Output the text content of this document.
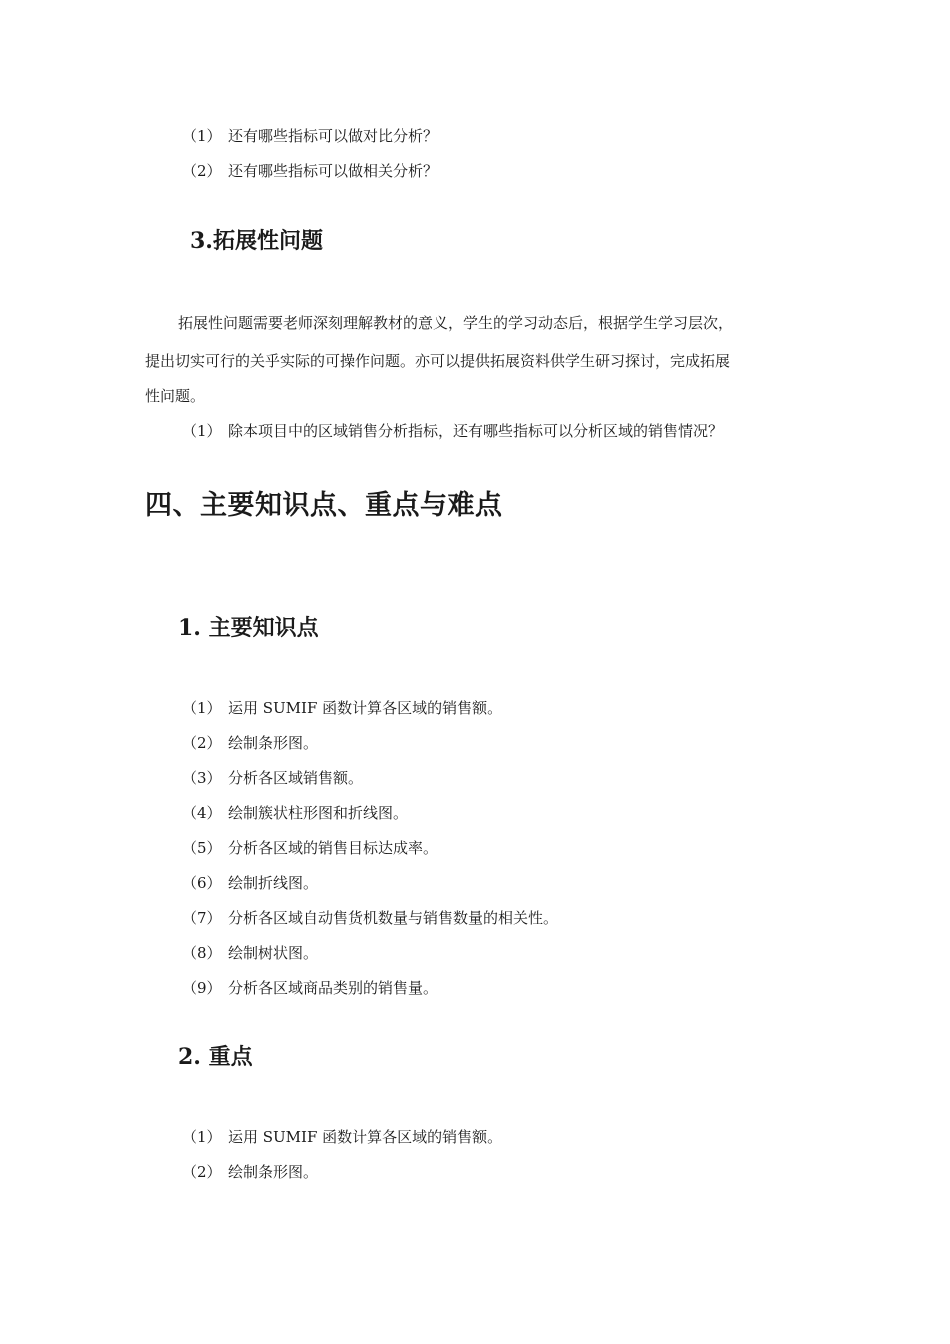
（1） 还有哪些指标可以做对比分析？
（2） 还有哪些指标可以做相关分析？
3.拓展性问题
拓展性问题需要老师深刻理解教材的意义，学生的学习动态后，根据学生学习层次，
提出切实可行的关乎实际的可操作问题。亦可以提供拓展资料供学生研习探讨，完成拓展
性问题。
（1） 除本项目中的区域销售分析指标，还有哪些指标可以分析区域的销售情况？
四、主要知识点、重点与难点
1. 主要知识点
（1） 运用 SUMIF 函数计算各区域的销售额。
（2） 绘制条形图。
（3） 分析各区域销售额。
（4） 绘制簇状柱形图和折线图。
（5） 分析各区域的销售目标达成率。
（6） 绘制折线图。
（7） 分析各区域自动售货机数量与销售数量的相关性。
（8） 绘制树状图。
（9） 分析各区域商品类别的销售量。
2. 重点
（1） 运用 SUMIF 函数计算各区域的销售额。
（2） 绘制条形图。
